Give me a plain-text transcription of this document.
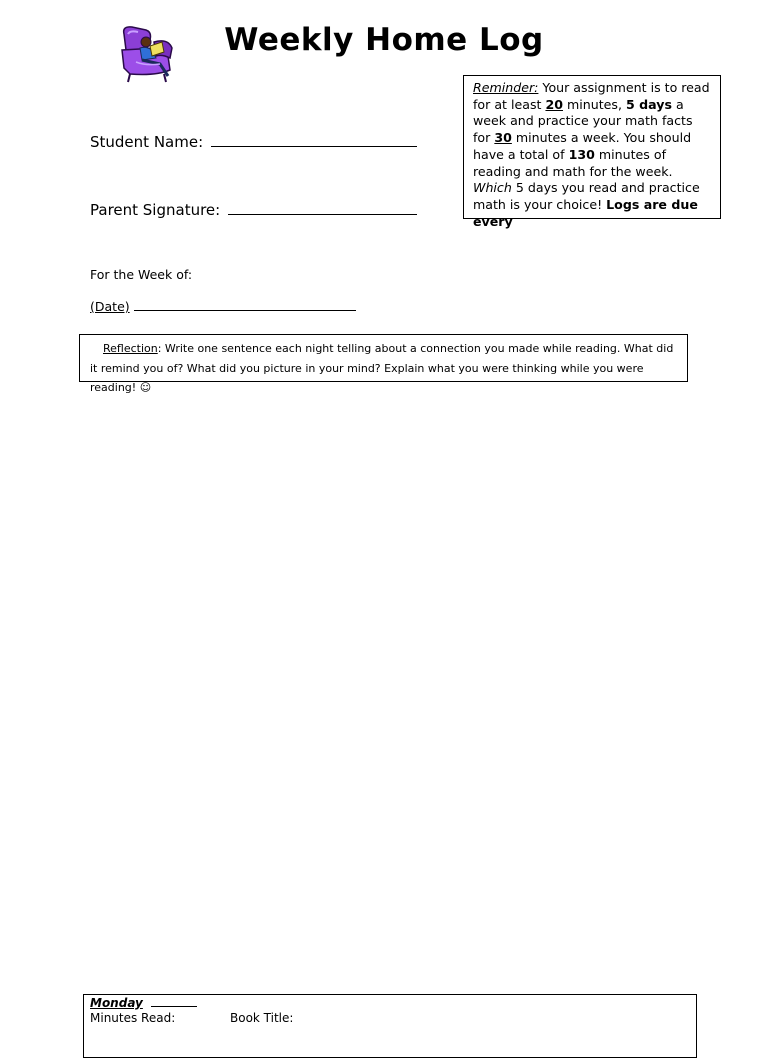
Weekly Home Log
Reminder: Your assignment is to read for at least 20 minutes, 5 days a week and practice your math facts for 30 minutes a week. You should have a total of 130 minutes of reading and math for the week. Which 5 days you read and practice math is your choice! Logs are due every
Student Name:
Parent Signature:
For the Week of:
(Date)
Reflection: Write one sentence each night telling about a connection you made while reading. What did it remind you of? What did you picture in your mind? Explain what you were thinking while you were reading! ☺
Monday
Minutes Read:	Book Title:
